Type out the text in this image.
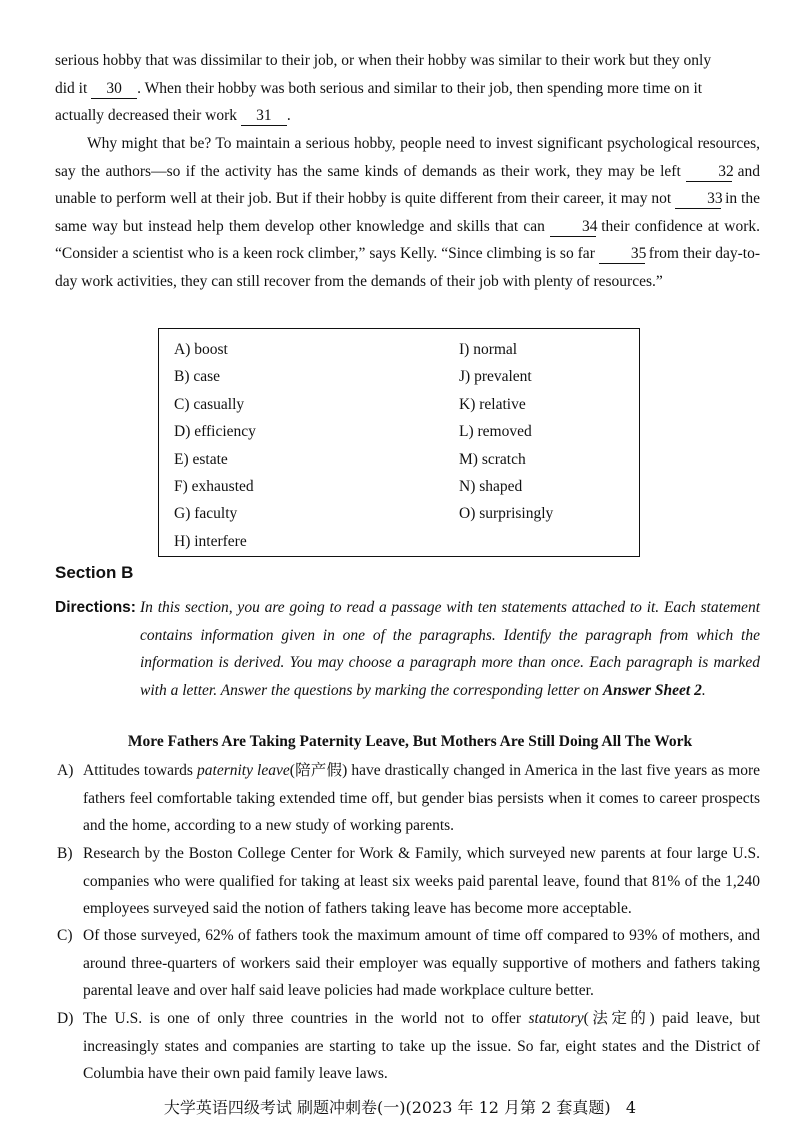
serious hobby that was dissimilar to their job, or when their hobby was similar to their work but they only
did it 30 . When their hobby was both serious and similar to their job, then spending more time on it
actually decreased their work 31 .

Why might that be? To maintain a serious hobby, people need to invest significant psychological resources, say the authors—so if the activity has the same kinds of demands as their work, they may be left 32 and unable to perform well at their job. But if their hobby is quite different from their career, it may not 33 in the same way but instead help them develop other knowledge and skills that can 34 their confidence at work. “Consider a scientist who is a keen rock climber,” says Kelly. “Since climbing is so far 35 from their day-to-day work activities, they can still recover from the demands of their job with plenty of resources.”

A) boost
B) case
C) casually
D) efficiency
E) estate
F) exhausted
G) faculty
H) interfere
I) normal
J) prevalent
K) relative
L) removed
M) scratch
N) shaped
O) surprisingly
Section B
Directions: In this section, you are going to read a passage with ten statements attached to it. Each statement contains information given in one of the paragraphs. Identify the paragraph from which the information is derived. You may choose a paragraph more than once. Each paragraph is marked with a letter. Answer the questions by marking the corresponding letter on Answer Sheet 2.

More Fathers Are Taking Paternity Leave, But Mothers Are Still Doing All The Work
A) Attitudes towards paternity leave(陪产假) have drastically changed in America in the last five years as more fathers feel comfortable taking extended time off, but gender bias persists when it comes to career prospects and the home, according to a new study of working parents.

B) Research by the Boston College Center for Work & Family, which surveyed new parents at four large U.S. companies who were qualified for taking at least six weeks paid parental leave, found that 81% of the 1,240 employees surveyed said the notion of fathers taking leave has become more acceptable.

C) Of those surveyed, 62% of fathers took the maximum amount of time off compared to 93% of mothers, and around three-quarters of workers said their employer was equally supportive of mothers and fathers taking parental leave and over half said leave policies had made workplace culture better.

D) The U.S. is one of only three countries in the world not to offer statutory(法定的) paid leave, but increasingly states and companies are starting to take up the issue. So far, eight states and the District of Columbia have their own paid family leave laws.

大学英语四级考试 刷题冲刺卷(一)(2023 年 12 月第 2 套真题) 4
